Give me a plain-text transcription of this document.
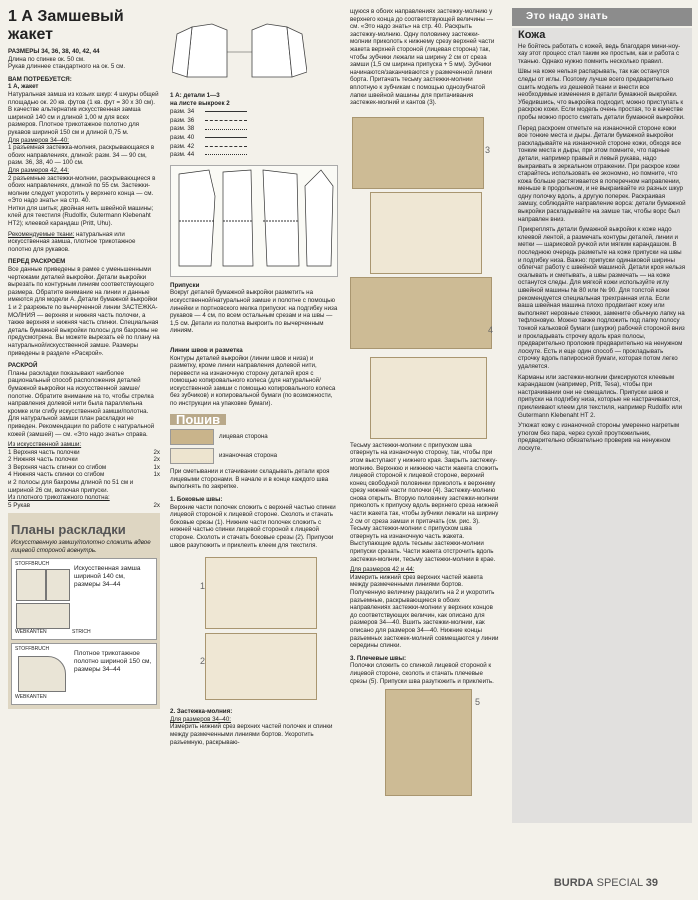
1 А Замшевый жакет

РАЗМЕРЫ 34, 36, 38, 40, 42, 44

Длина по спинке ок. 50 см.

Рукав длиннее стандартного на ок. 5 см.

ВАМ ПОТРЕБУЕТСЯ:

1 А, жакет

Натуральная замша из козьих шкур: 4 шкуры общей площадью ок. 20 кв. футов (1 кв. фут = 30 х 30 см). В качестве альтернатив искусственная замша шириной 140 см и длиной 1,00 м для всех размеров. Плотное трикотажное полотно для рукавов шириной 150 см и длиной 0,75 м.

Для размеров 34–40:

1 разъемная застежка-молния, раскрывающаяся в обоих направлениях, длиной: разм. 34 — 90 см, разм. 36, 38, 40 — 100 см.

Для размеров 42, 44:

2 разъемные застежки-молнии, раскрывающиеся в обоих направлениях, длиной по 55 см. Застежки-молнии следует укоротить у верхнего конца — см. «Это надо знать» на стр. 40.

Нитки для шитья; двойная нить швейной машины; клей для текстиля (Rudolfix, Gutermann Klebenaht HT2); клеевой карандаш (Pritt, Uhu).

Рекомендуемые ткани: натуральная или искусственная замша, плотное трикотажное полотно для рукавов.

ПЕРЕД РАСКРОЕМ

Все данные приведены в рамке с уменьшенными чертежами деталей выкройки. Детали выкройки вырезать по контурным линиям соответствующего размера. Обратите внимание на линии и данные имеются для модели А. Детали бумажной выкройки 1 и 2 разрежьте по вычерченной линии ЗАСТЕЖКА-МОЛНИЯ — верхняя и нижняя часть полочки, а также верхняя и нижняя часть спинки. Специальная деталь бумажной выкройки полосы для бахромы не предусмотрена. Вы можете вырезать её по плану на натуральной/искусственной замше. Размеры приведены в разделе «Раскрой».

РАСКРОЙ

Планы раскладки показывают наиболее рациональный способ расположения деталей бумажной выкройки на искусственной замше/полотне. Обратите внимание на то, чтобы стрелка направления долевой нити была параллельна кромке или сгибу искусственной замши/полотна. Для натуральной замши план раскладки не приведен. Рекомендации по работе с натуральной кожей (замшей) — см. «Это надо знать» справа.

Из искусственной замши:

1 Верхняя часть полочки	2х
2 Нижняя часть полочки	2х
3 Верхняя часть спинки со сгибом	1х
4 Нижняя часть спинки со сгибом	1х

и 2 полосы для бахромы длиной по 51 см и шириной 26 см, включая припуски.

Из плотного трикотажного полотна:

5 Рукав	2х
Планы раскладки

Искусственную замшу/полотно сложить вдвое лицевой стороной вовнутрь.

STOFFBRUCH
Искусственная замша шириной 140 см, размеры 34–44
WEBKANTEN	STRICH
STOFFBRUCH
Плотное трикотажное полотно шириной 150 см, размеры 34–44
WEBKANTEN

1 А: детали 1—3

на листе выкроек 2

разм. 34
разм. 36
разм. 38
разм. 40
разм. 42
разм. 44

Припуски

Вокруг деталей бумажной выкройки разметить на искусственной/натуральной замше и полотне с помощью линейки и портновского мелка припуски: на подгибку низа рукавов — 4 см, по всем остальным срезам и на швы — 1,5 см. Детали из полотна выкроить по вычерченным линиям.

Линии швов и разметка

Контуры деталей выкройки (линии швов и низа) и разметку, кроме линии направления долевой нити, перевести на изнаночную сторону деталей кроя с помощью копировального колеса (для натуральной/искусственной замши с помощью копировального колеса без зубчиков) и копировальной бумаги (по возможности, по инструкции на упаковке бумаги).

Пошив
лицевая сторона
изнаночная сторона

При сметывании и стачивании складывать детали кроя лицевыми сторонами. В начале и в конце каждого шва выполнять по закрепке.

1. Боковые швы:

Верхние части полочек сложить с верхней частью спинки лицевой стороной к лицевой стороне. Сколоть и стачать боковые срезы (1). Нижние части полочек сложить с нижней частью спинки лицевой стороной к лицевой стороне. Сколоть и стачать боковые срезы (2). Припуски швов разутюжить и приклеить клеем для текстиля.

1
2

2. Застежка-молния:

Для размеров 34–40:

Измерить нижний срез верхних частей полочек и спинки между размеченными линиями бортов. Укоротить разъемную, раскрываю-

щуюся в обоих направлениях застежку-молнию у верхнего конца до соответствующей величины — см. «Это надо знать» на стр. 40. Раскрыть застежку-молнию. Одну половинку застежки-молнии приколоть к нижнему срезу верхней части жакета верхней стороной (лицевая сторона) так, чтобы зубчики лежали на ширину 2 см от среза замши (1,5 см ширина припуска + 5 мм). Зубчики начинаются/заканчиваются у размеченной линии борта. Притачать тесьму застежки-молнии вплотную к зубчикам с помощью однозубчатой лапки швейной машины для притачивания застежек-молний и кантов (3).

3
4

Тесьму застежки-молнии с припуском шва отвернуть на изнаночную сторону, так, чтобы при этом выступают у нижнего края. Закрыть застежку-молнию. Верхнюю и нижнюю части жакета сложить лицевой стороной к лицевой стороне, верхний конец свободной половинки приколоть к верхнему срезу нижней части полочки (4). Застежку-молнию снова открыть. Вторую половинку застежки-молнии приколоть к припуску вдоль верхнего среза нижней части жакета так, чтобы зубчики лежали на ширину 2 см от среза замши и притачать (см. рис. 3). Тесьму застежки-молнии с припуском шва отвернуть на изнаночную часть жакета. Выступающие вдоль тесьмы застежки-молнии припуски срезать. Части жакета отстрочить вдоль застежки-молнии, тесьму застежки-молнии в крае.

Для размеров 42 и 44:

Измерить нижний срез верхних частей жакета между размеченными линиями бортов. Полученную величину разделить на 2 и укоротить разъемные, раскрывающиеся в обоих направлениях застежки-молнии у верхних концов до соответствующих величин, как описано для размеров 34—40. Вшить застежки-молнии, как описано для размеров 34—40. Нижние концы разъемных застежек-молний совмещаются у линии середины спинки.

3. Плечевые швы:

Полочки сложить со спинкой лицевой стороной к лицевой стороне, сколоть и стачать плечевые срезы (5). Припуски шва разутюжить и приклеить.

5
Это надо знать
Кожа

Не бойтесь работать с кожей, ведь благодаря мини-ноу-хау этот процесс стал таким же простым, как и работа с тканью. Однако нужно помнить несколько правил.

Швы на коже нельзя распарывать, так как останутся следы от иглы. Поэтому лучше всего предварительно сшить модель из дешевой ткани и внести все необходимые изменения в детали бумажной выкройки. Убедившись, что выкройка подходит, можно приступать к раскрою кожи. Если модель очень простая, то в качестве пробы можно просто сметать детали бумажной выкройки.

Перед раскроем отметьте на изнаночной стороне кожи все тонкие места и дыры. Детали бумажной выкройки раскладывайте на изнаночной стороне кожи, обходя все тонкие места и дыры, при этом помните, что парные детали, например правый и левый рукава, надо выкраивать в зеркальном отражении. При раскрое кожи старайтесь использовать ее экономно, но помните, что кожа больше растягивается в поперечном направлении, меньше в продольном, и не выкраивайте из разных шкур одну полочку вдоль, а другую поперек. Раскраивая замшу, соблюдайте направление ворса: детали бумажной выкройки раскладывайте на замше так, чтобы ворс был направлен вниз.

Прикреплять детали бумажной выкройки к коже надо клеевой лентой, а размечать контуры деталей, линии и метки — шариковой ручкой или мягким карандашом. В последнюю очередь разметьте на коже припуски на швы и подгибку низа. Важно: припуски одинаковой ширины облегчат работу с швейной машиной. Детали кроя нельзя скалывать и сметывать, а швы размечать — на коже останутся следы. Для мягкой кожи используйте иглу швейной машины № 80 или № 90. Для толстой кожи рекомендуется специальная трехгранная игла. Если ваша швейная машина плохо продвигает кожу или выполняет неровные стежки, замените обычную лапку на тефлоновую. Можно также подложить под лапку полосу тонкой кальковой бумаги (шкурки) рабочей стороной вниз и прокладывать строчку вдоль края полосы, предварительно проложив предварительно на ненужном лоскуте. Есть и еще один способ — прокладывать строчку вдоль папиросной бумаги, которая потом легко удаляется.

Карманы или застежки-молнии фиксируются клеевым карандашом (например, Pritt, Tesa), чтобы при настрачивании они не смещались. Припуски швов и припуски на подгибку низа, которые не настрачиваются, приклеивают клеем для текстиля, например Rudolfix или Gutermann Klebenaht HT 2.

Утюжат кожу с изнаночной стороны умеренно нагретым утюгом без пара, через сухой проутюжильник, предварительно обязательно проверив на ненужном лоскуте.

BURDA SPECIAL 39
